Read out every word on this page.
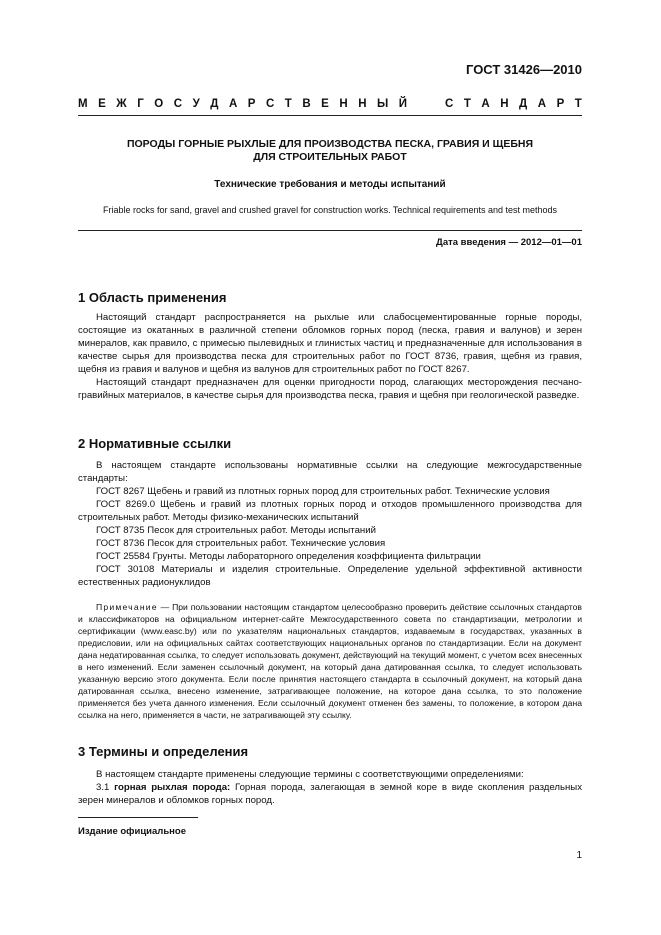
ГОСТ 31426—2010
М Е Ж Г О С У Д А Р С Т В Е Н Н Ы Й

	С Т А Н Д А Р Т
ПОРОДЫ ГОРНЫЕ РЫХЛЫЕ ДЛЯ ПРОИЗВОДСТВА ПЕСКА, ГРАВИЯ И ЩЕБНЯ
ДЛЯ СТРОИТЕЛЬНЫХ РАБОТ
Технические требования и методы испытаний
Friable rocks for sand, gravel and crushed gravel for construction works. Technical requirements and test methods
Дата введения — 2012—01—01
1 Область применения

Настоящий стандарт распространяется на рыхлые или слабосцементированные горные породы, состоящие из окатанных в различной степени обломков горных пород (песка, гравия и валунов) и зерен минералов, как правило, с примесью пылевидных и глинистых частиц и предназначенные для использования в качестве сырья для производства песка для строительных работ по ГОСТ 8736, гравия, щебня из гравия, щебня из гравия и валунов и щебня из валунов для строительных работ по ГОСТ 8267.

Настоящий стандарт предназначен для оценки пригодности пород, слагающих месторождения песчано-гравийных материалов, в качестве сырья для производства песка, гравия и щебня при геологической разведке.

2 Нормативные ссылки

В настоящем стандарте использованы нормативные ссылки на следующие межгосударственные стандарты:

ГОСТ 8267 Щебень и гравий из плотных горных пород для строительных работ. Технические условия

ГОСТ 8269.0 Щебень и гравий из плотных горных пород и отходов промышленного производства для строительных работ. Методы физико-механических испытаний

ГОСТ 8735 Песок для строительных работ. Методы испытаний

ГОСТ 8736 Песок для строительных работ. Технические условия

ГОСТ 25584 Грунты. Методы лабораторного определения коэффициента фильтрации

ГОСТ 30108 Материалы и изделия строительные. Определение удельной эффективной активности естественных радионуклидов

Примечание — При пользовании настоящим стандартом целесообразно проверить действие ссылочных стандартов и классификаторов на официальном интернет-сайте Межгосударственного совета по стандартизации, метрологии и сертификации (www.easc.by) или по указателям национальных стандартов, издаваемым в государствах, указанных в предисловии, или на официальных сайтах соответствующих национальных органов по стандартизации. Если на документ дана недатированная ссылка, то следует использовать документ, действующий на текущий момент, с учетом всех внесенных в него изменений. Если заменен ссылочный документ, на который дана датированная ссылка, то следует использовать указанную версию этого документа. Если после принятия настоящего стандарта в ссылочный документ, на который дана датированная ссылка, внесено изменение, затрагивающее положение, на которое дана ссылка, то это положение применяется без учета данного изменения. Если ссылочный документ отменен без замены, то положение, в котором дана ссылка на него, применяется в части, не затрагивающей эту ссылку.

3 Термины и определения

В настоящем стандарте применены следующие термины с соответствующими определениями:

3.1 горная рыхлая порода: Горная порода, залегающая в земной коре в виде скопления раздельных зерен минералов и обломков горных пород.

Издание официальное
1
